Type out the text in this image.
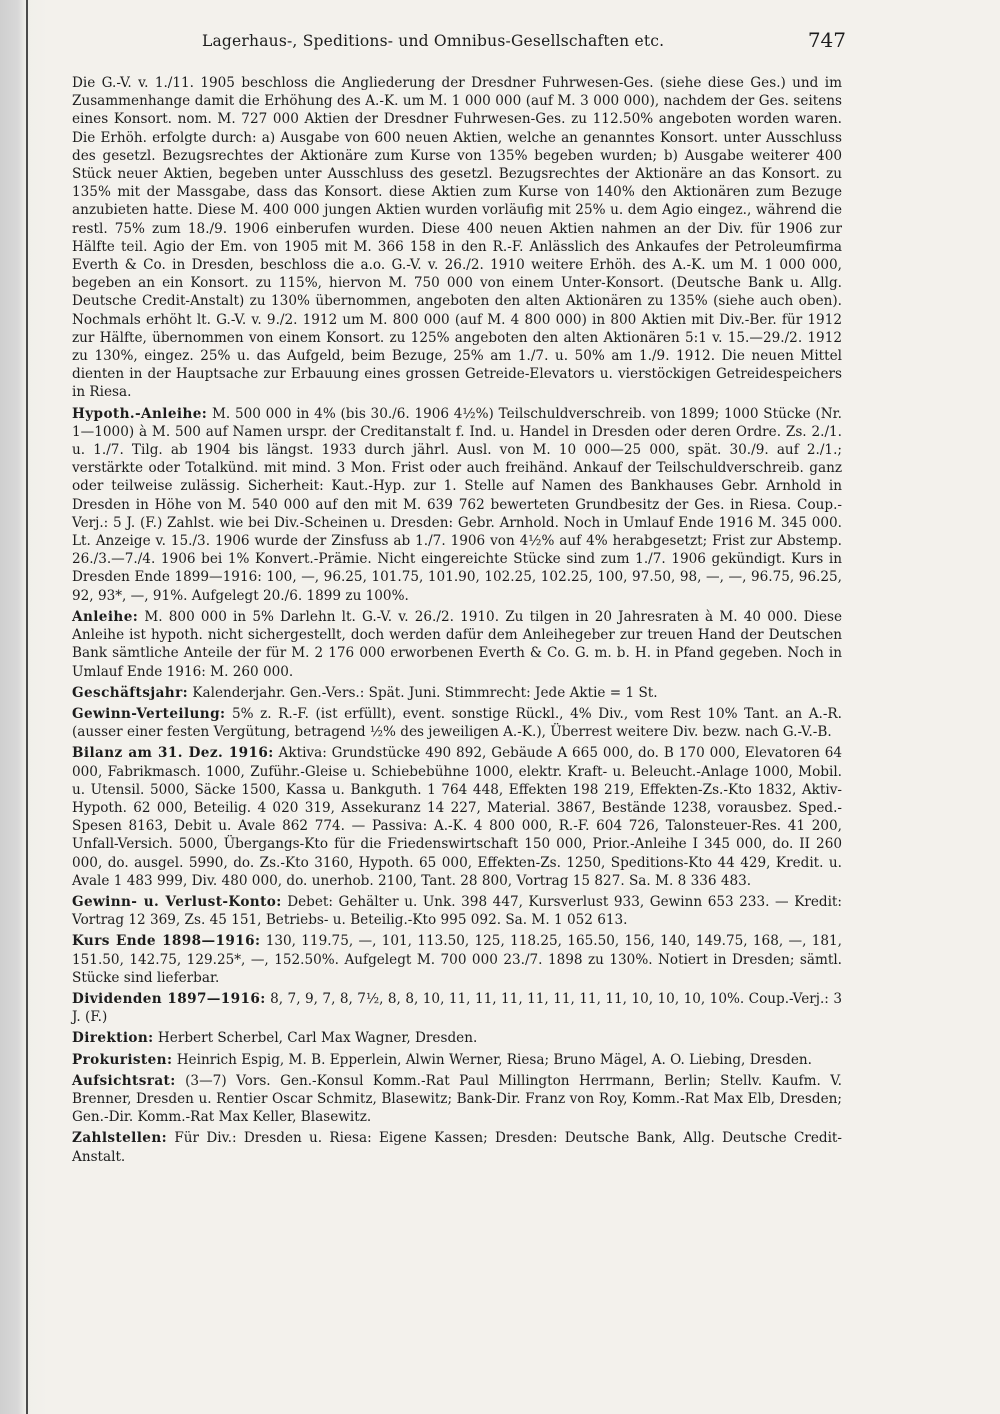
Lagerhaus-, Speditions- und Omnibus-Gesellschaften etc.	747

Die G.-V. v. 1./11. 1905 beschloss die Angliederung der Dresdner Fuhrwesen-Ges. (siehe diese Ges.) und im Zusammenhange damit die Erhöhung des A.-K. um M. 1 000 000 (auf M. 3 000 000), nachdem der Ges. seitens eines Konsort. nom. M. 727 000 Aktien der Dresdner Fuhrwesen-Ges. zu 112.50% angeboten worden waren. Die Erhöh. erfolgte durch: a) Ausgabe von 600 neuen Aktien, welche an genanntes Konsort. unter Ausschluss des gesetzl. Bezugsrechtes der Aktionäre zum Kurse von 135% begeben wurden; b) Ausgabe weiterer 400 Stück neuer Aktien, begeben unter Ausschluss des gesetzl. Bezugsrechtes der Aktionäre an das Konsort. zu 135% mit der Massgabe, dass das Konsort. diese Aktien zum Kurse von 140% den Aktionären zum Bezuge anzubieten hatte. Diese M. 400 000 jungen Aktien wurden vorläufig mit 25% u. dem Agio eingez., während die restl. 75% zum 18./9. 1906 einberufen wurden. Diese 400 neuen Aktien nahmen an der Div. für 1906 zur Hälfte teil. Agio der Em. von 1905 mit M. 366 158 in den R.-F. Anlässlich des Ankaufes der Petroleumfirma Everth & Co. in Dresden, beschloss die a.o. G.-V. v. 26./2. 1910 weitere Erhöh. des A.-K. um M. 1 000 000, begeben an ein Konsort. zu 115%, hiervon M. 750 000 von einem Unter-Konsort. (Deutsche Bank u. Allg. Deutsche Credit-Anstalt) zu 130% übernommen, angeboten den alten Aktionären zu 135% (siehe auch oben). Nochmals erhöht lt. G.-V. v. 9./2. 1912 um M. 800 000 (auf M. 4 800 000) in 800 Aktien mit Div.-Ber. für 1912 zur Hälfte, übernommen von einem Konsort. zu 125% angeboten den alten Aktionären 5:1 v. 15.—29./2. 1912 zu 130%, eingez. 25% u. das Aufgeld, beim Bezuge, 25% am 1./7. u. 50% am 1./9. 1912. Die neuen Mittel dienten in der Hauptsache zur Erbauung eines grossen Getreide-Elevators u. vierstöckigen Getreidespeichers in Riesa.

Hypoth.-Anleihe: M. 500 000 in 4% (bis 30./6. 1906 4½%) Teilschuldverschreib. von 1899; 1000 Stücke (Nr. 1—1000) à M. 500 auf Namen urspr. der Creditanstalt f. Ind. u. Handel in Dresden oder deren Ordre. Zs. 2./1. u. 1./7. Tilg. ab 1904 bis längst. 1933 durch jährl. Ausl. von M. 10 000—25 000, spät. 30./9. auf 2./1.; verstärkte oder Totalkünd. mit mind. 3 Mon. Frist oder auch freihänd. Ankauf der Teilschuldverschreib. ganz oder teilweise zulässig. Sicherheit: Kaut.-Hyp. zur 1. Stelle auf Namen des Bankhauses Gebr. Arnhold in Dresden in Höhe von M. 540 000 auf den mit M. 639 762 bewerteten Grundbesitz der Ges. in Riesa. Coup.-Verj.: 5 J. (F.) Zahlst. wie bei Div.-Scheinen u. Dresden: Gebr. Arnhold. Noch in Umlauf Ende 1916 M. 345 000. Lt. Anzeige v. 15./3. 1906 wurde der Zinsfuss ab 1./7. 1906 von 4½% auf 4% herabgesetzt; Frist zur Abstemp. 26./3.—7./4. 1906 bei 1% Konvert.-Prämie. Nicht eingereichte Stücke sind zum 1./7. 1906 gekündigt. Kurs in Dresden Ende 1899—1916: 100, —, 96.25, 101.75, 101.90, 102.25, 102.25, 100, 97.50, 98, —, —, 96.75, 96.25, 92, 93*, —, 91%. Aufgelegt 20./6. 1899 zu 100%.

Anleihe: M. 800 000 in 5% Darlehn lt. G.-V. v. 26./2. 1910. Zu tilgen in 20 Jahresraten à M. 40 000. Diese Anleihe ist hypoth. nicht sichergestellt, doch werden dafür dem Anleihegeber zur treuen Hand der Deutschen Bank sämtliche Anteile der für M. 2 176 000 erworbenen Everth & Co. G. m. b. H. in Pfand gegeben. Noch in Umlauf Ende 1916: M. 260 000.

Geschäftsjahr: Kalenderjahr. Gen.-Vers.: Spät. Juni. Stimmrecht: Jede Aktie = 1 St.

Gewinn-Verteilung: 5% z. R.-F. (ist erfüllt), event. sonstige Rückl., 4% Div., vom Rest 10% Tant. an A.-R. (ausser einer festen Vergütung, betragend ½% des jeweiligen A.-K.), Überrest weitere Div. bezw. nach G.-V.-B.

Bilanz am 31. Dez. 1916: Aktiva: Grundstücke 490 892, Gebäude A 665 000, do. B 170 000, Elevatoren 64 000, Fabrikmasch. 1000, Zuführ.-Gleise u. Schiebebühne 1000, elektr. Kraft- u. Beleucht.-Anlage 1000, Mobil. u. Utensil. 5000, Säcke 1500, Kassa u. Bankguth. 1 764 448, Effekten 198 219, Effekten-Zs.-Kto 1832, Aktiv-Hypoth. 62 000, Beteilig. 4 020 319, Assekuranz 14 227, Material. 3867, Bestände 1238, vorausbez. Sped.-Spesen 8163, Debit u. Avale 862 774. — Passiva: A.-K. 4 800 000, R.-F. 604 726, Talonsteuer-Res. 41 200, Unfall-Versich. 5000, Übergangs-Kto für die Friedenswirtschaft 150 000, Prior.-Anleihe I 345 000, do. II 260 000, do. ausgel. 5990, do. Zs.-Kto 3160, Hypoth. 65 000, Effekten-Zs. 1250, Speditions-Kto 44 429, Kredit. u. Avale 1 483 999, Div. 480 000, do. unerhob. 2100, Tant. 28 800, Vortrag 15 827. Sa. M. 8 336 483.

Gewinn- u. Verlust-Konto: Debet: Gehälter u. Unk. 398 447, Kursverlust 933, Gewinn 653 233. — Kredit: Vortrag 12 369, Zs. 45 151, Betriebs- u. Beteilig.-Kto 995 092. Sa. M. 1 052 613.

Kurs Ende 1898—1916: 130, 119.75, —, 101, 113.50, 125, 118.25, 165.50, 156, 140, 149.75, 168, —, 181, 151.50, 142.75, 129.25*, —, 152.50%. Aufgelegt M. 700 000 23./7. 1898 zu 130%. Notiert in Dresden; sämtl. Stücke sind lieferbar.

Dividenden 1897—1916: 8, 7, 9, 7, 8, 7½, 8, 8, 10, 11, 11, 11, 11, 11, 11, 11, 10, 10, 10, 10%. Coup.-Verj.: 3 J. (F.)

Direktion: Herbert Scherbel, Carl Max Wagner, Dresden.

Prokuristen: Heinrich Espig, M. B. Epperlein, Alwin Werner, Riesa; Bruno Mägel, A. O. Liebing, Dresden.

Aufsichtsrat: (3—7) Vors. Gen.-Konsul Komm.-Rat Paul Millington Herrmann, Berlin; Stellv. Kaufm. V. Brenner, Dresden u. Rentier Oscar Schmitz, Blasewitz; Bank-Dir. Franz von Roy, Komm.-Rat Max Elb, Dresden; Gen.-Dir. Komm.-Rat Max Keller, Blasewitz.

Zahlstellen: Für Div.: Dresden u. Riesa: Eigene Kassen; Dresden: Deutsche Bank, Allg. Deutsche Credit-Anstalt.
